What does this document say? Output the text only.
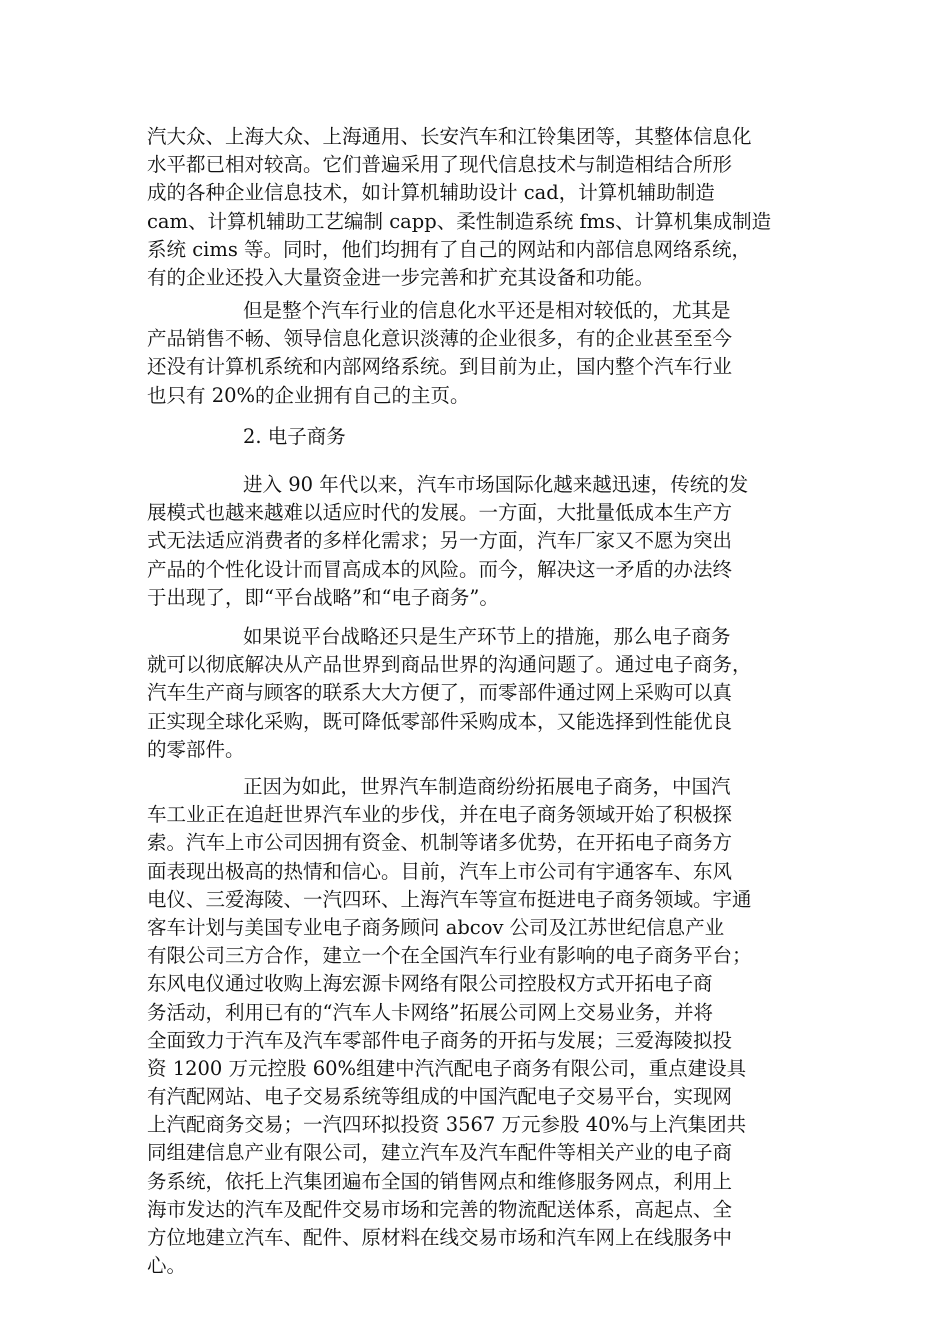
汽大众、上海大众、上海通用、长安汽车和江铃集团等，其整体信息化
水平都已相对较高。它们普遍采用了现代信息技术与制造相结合所形
成的各种企业信息技术，如计算机辅助设计 cad，计算机辅助制造
cam、计算机辅助工艺编制 capp、柔性制造系统 fms、计算机集成制造
系统 cims 等。同时，他们均拥有了自己的网站和内部信息网络系统，
有的企业还投入大量资金进一步完善和扩充其设备和功能。
但是整个汽车行业的信息化水平还是相对较低的，尤其是
产品销售不畅、领导信息化意识淡薄的企业很多，有的企业甚至至今
还没有计算机系统和内部网络系统。到目前为止，国内整个汽车行业
也只有 20%的企业拥有自己的主页。
2. 电子商务
进入 90 年代以来，汽车市场国际化越来越迅速，传统的发
展模式也越来越难以适应时代的发展。一方面，大批量低成本生产方
式无法适应消费者的多样化需求；另一方面，汽车厂家又不愿为突出
产品的个性化设计而冒高成本的风险。而今，解决这一矛盾的办法终
于出现了，即“平台战略”和“电子商务”。
如果说平台战略还只是生产环节上的措施，那么电子商务
就可以彻底解决从产品世界到商品世界的沟通问题了。通过电子商务，
汽车生产商与顾客的联系大大方便了，而零部件通过网上采购可以真
正实现全球化采购，既可降低零部件采购成本，又能选择到性能优良
的零部件。
正因为如此，世界汽车制造商纷纷拓展电子商务，中国汽
车工业正在追赶世界汽车业的步伐，并在电子商务领域开始了积极探
索。汽车上市公司因拥有资金、机制等诸多优势，在开拓电子商务方
面表现出极高的热情和信心。目前，汽车上市公司有宇通客车、东风
电仪、三爱海陵、一汽四环、上海汽车等宣布挺进电子商务领域。宇通
客车计划与美国专业电子商务顾问 abcov 公司及江苏世纪信息产业
有限公司三方合作，建立一个在全国汽车行业有影响的电子商务平台；
东风电仪通过收购上海宏源卡网络有限公司控股权方式开拓电子商
务活动，利用已有的“汽车人卡网络”拓展公司网上交易业务，并将
全面致力于汽车及汽车零部件电子商务的开拓与发展；三爱海陵拟投
资 1200 万元控股 60%组建中汽汽配电子商务有限公司，重点建设具
有汽配网站、电子交易系统等组成的中国汽配电子交易平台，实现网
上汽配商务交易；一汽四环拟投资 3567 万元参股 40%与上汽集团共
同组建信息产业有限公司，建立汽车及汽车配件等相关产业的电子商
务系统，依托上汽集团遍布全国的销售网点和维修服务网点，利用上
海市发达的汽车及配件交易市场和完善的物流配送体系，高起点、全
方位地建立汽车、配件、原材料在线交易市场和汽车网上在线服务中
心。
